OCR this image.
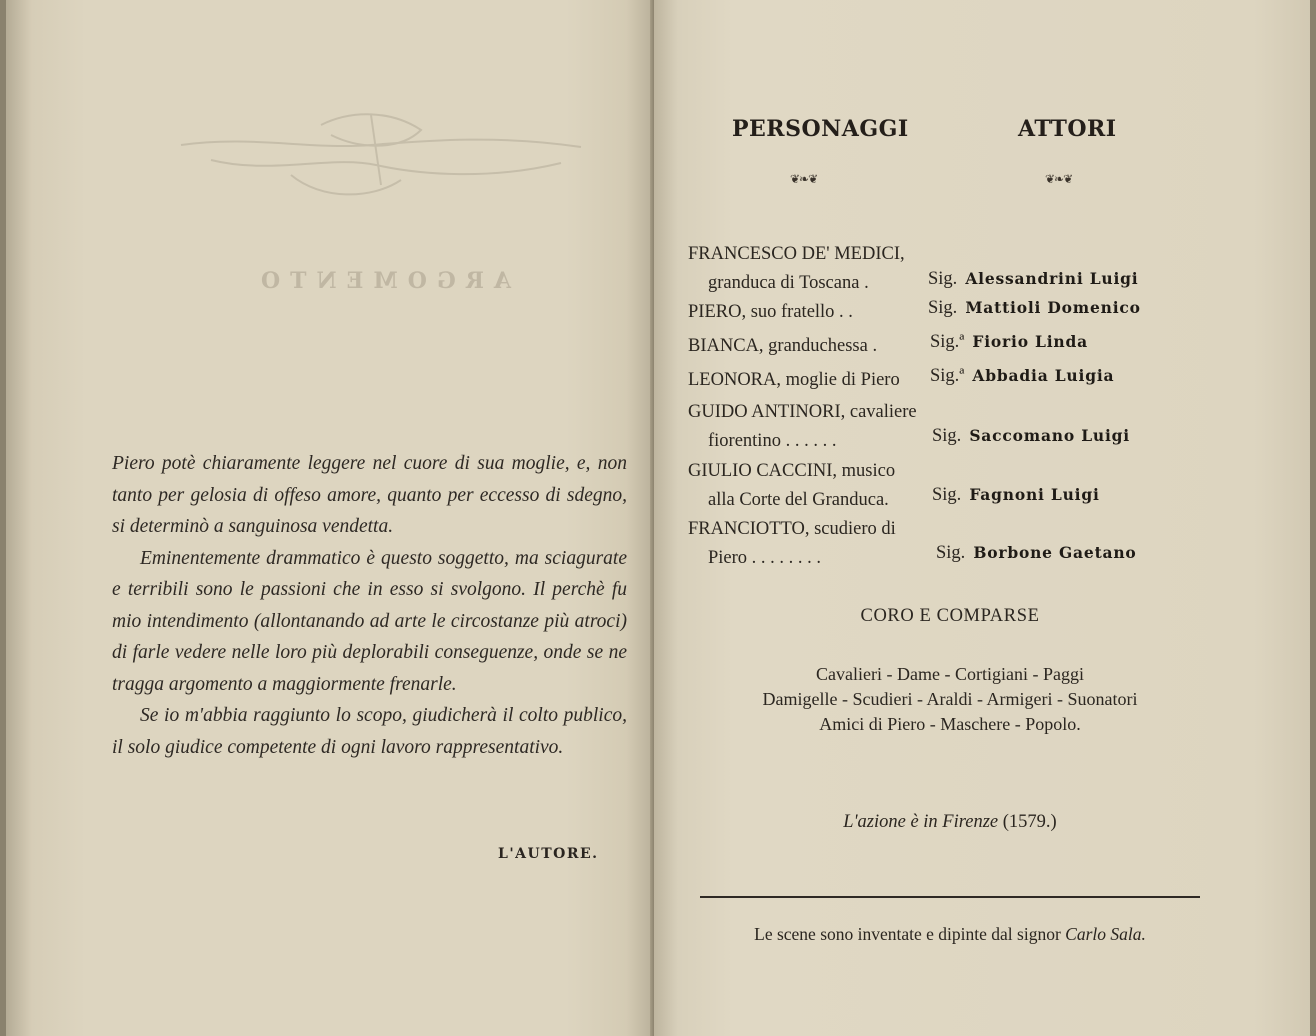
ARGOMENTO

Piero potè chiaramente leggere nel cuore di sua moglie, e, non tanto per gelosia di offeso amore, quanto per eccesso di sdegno, si determinò a sanguinosa vendetta.

Eminentemente drammatico è questo soggetto, ma sciagurate e terribili sono le passioni che in esso si svolgono. Il perchè fu mio intendimento (allontanando ad arte le circostanze più atroci) di farle vedere nelle loro più deplorabili conseguenze, onde se ne tragga argomento a maggiormente frenarle.

Se io m'abbia raggiunto lo scopo, giudicherà il colto publico, il solo giudice competente di ogni lavoro rappresentativo.

L'AUTORE.
PERSONAGGI	ATTORI
❦❧❦	❦❧❦
FRANCESCO DE' MEDICI,
granduca di Toscana .	Sig. Alessandrini Luigi
PIERO, suo fratello . .	Sig. Mattioli Domenico
BIANCA, granduchessa .	Sig.ª Fiorio Linda
LEONORA, moglie di Piero Sig.ª Abbadia Luigia
GUIDO ANTINORI, cavaliere
fiorentino . . . . . .	Sig. Saccomano Luigi
GIULIO CACCINI, musico
alla Corte del Granduca.	Sig. Fagnoni Luigi
FRANCIOTTO, scudiero di
Piero . . . . . . . .	Sig. Borbone Gaetano
CORO E COMPARSE
Cavalieri - Dame - Cortigiani - Paggi
Damigelle - Scudieri - Araldi - Armigeri - Suonatori
Amici di Piero - Maschere - Popolo.
L'azione è in Firenze (1579.)
Le scene sono inventate e dipinte dal signor Carlo Sala.
